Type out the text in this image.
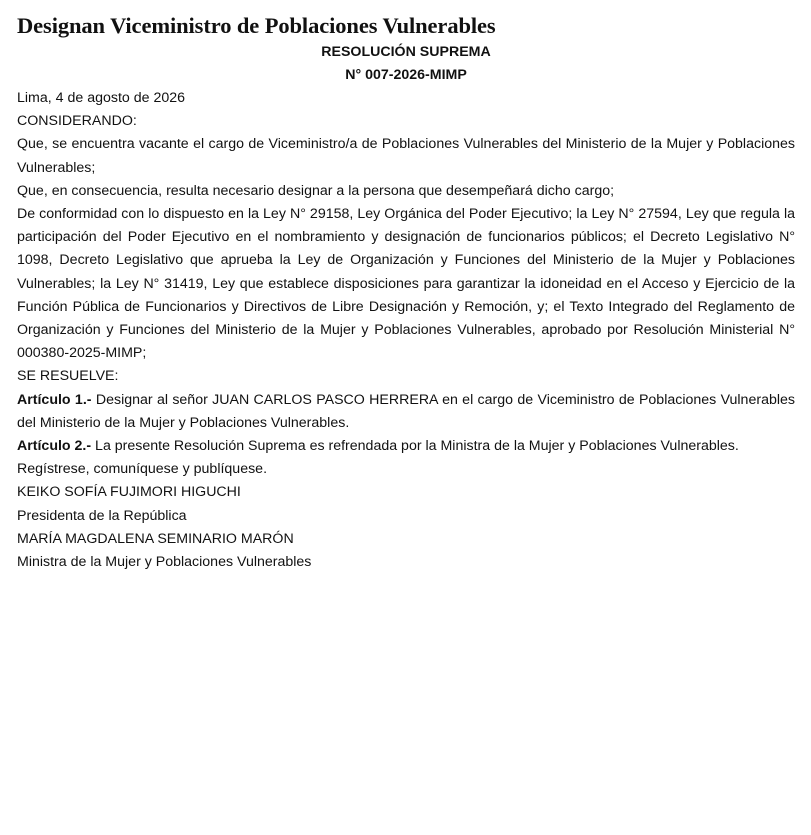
Designan Viceministro de Poblaciones Vulnerables

RESOLUCIÓN SUPREMA

N° 007-2026-MIMP

Lima, 4 de agosto de 2026

CONSIDERANDO:

Que, se encuentra vacante el cargo de Viceministro/a de Poblaciones Vulnerables del Ministerio de la Mujer y Poblaciones Vulnerables;

Que, en consecuencia, resulta necesario designar a la persona que desempeñará dicho cargo;

De conformidad con lo dispuesto en la Ley N° 29158, Ley Orgánica del Poder Ejecutivo; la Ley N° 27594, Ley que regula la participación del Poder Ejecutivo en el nombramiento y designación de funcionarios públicos; el Decreto Legislativo N° 1098, Decreto Legislativo que aprueba la Ley de Organización y Funciones del Ministerio de la Mujer y Poblaciones Vulnerables; la Ley N° 31419, Ley que establece disposiciones para garantizar la idoneidad en el Acceso y Ejercicio de la Función Pública de Funcionarios y Directivos de Libre Designación y Remoción, y; el Texto Integrado del Reglamento de Organización y Funciones del Ministerio de la Mujer y Poblaciones Vulnerables, aprobado por Resolución Ministerial N° 000380-2025-MIMP;

SE RESUELVE:

Artículo 1.- Designar al señor JUAN CARLOS PASCO HERRERA en el cargo de Viceministro de Poblaciones Vulnerables del Ministerio de la Mujer y Poblaciones Vulnerables.

Artículo 2.- La presente Resolución Suprema es refrendada por la Ministra de la Mujer y Poblaciones Vulnerables.

Regístrese, comuníquese y publíquese.

KEIKO SOFÍA FUJIMORI HIGUCHI

Presidenta de la República

MARÍA MAGDALENA SEMINARIO MARÓN

Ministra de la Mujer y Poblaciones Vulnerables
